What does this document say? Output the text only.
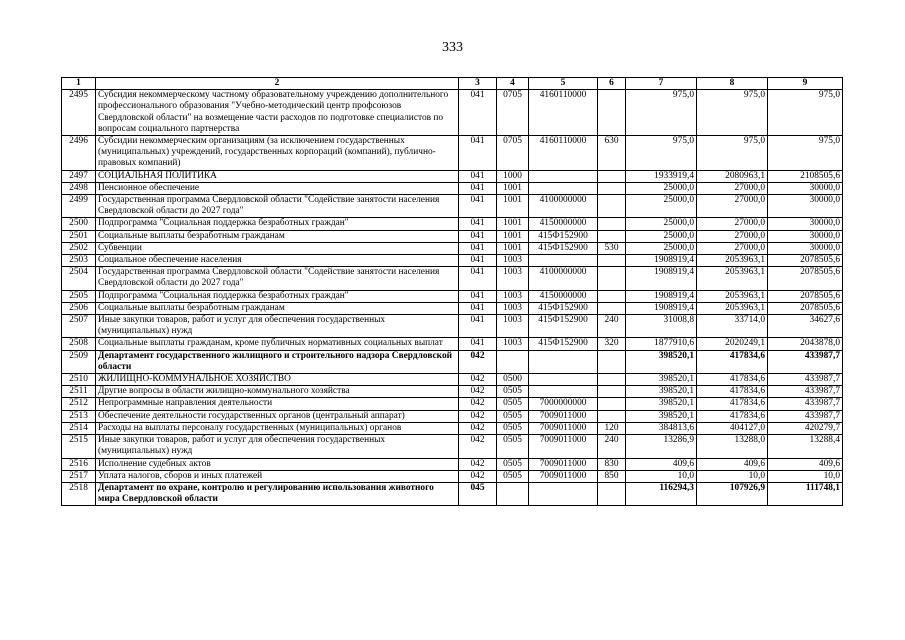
333
1	2	3	4	5	6	7	8	9
2495	Субсидия некоммерческому частному образовательному учреждению дополнительного профессионального образования "Учебно-методический центр профсоюзов Свердловской области" на возмещение части расходов по подготовке специалистов по вопросам социального партнерства	041	0705	4160110000		975,0	975,0	975,0
2496	Субсидии некоммерческим организациям (за исключением государственных (муниципальных) учреждений, государственных корпораций (компаний), публично-правовых компаний)	041	0705	4160110000	630	975,0	975,0	975,0
2497	СОЦИАЛЬНАЯ ПОЛИТИКА	041	1000			1933919,4	2080963,1	2108505,6
2498	Пенсионное обеспечение	041	1001			25000,0	27000,0	30000,0
2499	Государственная программа Свердловской области "Содействие занятости населения Свердловской области до 2027 года"	041	1001	4100000000		25000,0	27000,0	30000,0
2500	Подпрограмма "Социальная поддержка безработных граждан"	041	1001	4150000000		25000,0	27000,0	30000,0
2501	Социальные выплаты безработным гражданам	041	1001	415Ф152900		25000,0	27000,0	30000,0
2502	Субвенции	041	1001	415Ф152900	530	25000,0	27000,0	30000,0
2503	Социальное обеспечение населения	041	1003			1908919,4	2053963,1	2078505,6
2504	Государственная программа Свердловской области "Содействие занятости населения Свердловской области до 2027 года"	041	1003	4100000000		1908919,4	2053963,1	2078505,6
2505	Подпрограмма "Социальная поддержка безработных граждан"	041	1003	4150000000		1908919,4	2053963,1	2078505,6
2506	Социальные выплаты безработным гражданам	041	1003	415Ф152900		1908919,4	2053963,1	2078505,6
2507	Иные закупки товаров, работ и услуг для обеспечения государственных (муниципальных) нужд	041	1003	415Ф152900	240	31008,8	33714,0	34627,6
2508	Социальные выплаты гражданам, кроме публичных нормативных социальных выплат	041	1003	415Ф152900	320	1877910,6	2020249,1	2043878,0
2509	Департамент государственного жилищного и строительного надзора Свердловской области	042				398520,1	417834,6	433987,7
2510	ЖИЛИЩНО-КОММУНАЛЬНОЕ ХОЗЯЙСТВО	042	0500			398520,1	417834,6	433987,7
2511	Другие вопросы в области жилищно-коммунального хозяйства	042	0505			398520,1	417834,6	433987,7
2512	Непрограммные направления деятельности	042	0505	7000000000		398520,1	417834,6	433987,7
2513	Обеспечение деятельности государственных органов (центральный аппарат)	042	0505	7009011000		398520,1	417834,6	433987,7
2514	Расходы на выплаты персоналу государственных (муниципальных) органов	042	0505	7009011000	120	384813,6	404127,0	420279,7
2515	Иные закупки товаров, работ и услуг для обеспечения государственных (муниципальных) нужд	042	0505	7009011000	240	13286,9	13288,0	13288,4
2516	Исполнение судебных актов	042	0505	7009011000	830	409,6	409,6	409,6
2517	Уплата налогов, сборов и иных платежей	042	0505	7009011000	850	10,0	10,0	10,0
2518	Департамент по охране, контролю и регулированию использования животного мира Свердловской области	045				116294,3	107926,9	111748,1
